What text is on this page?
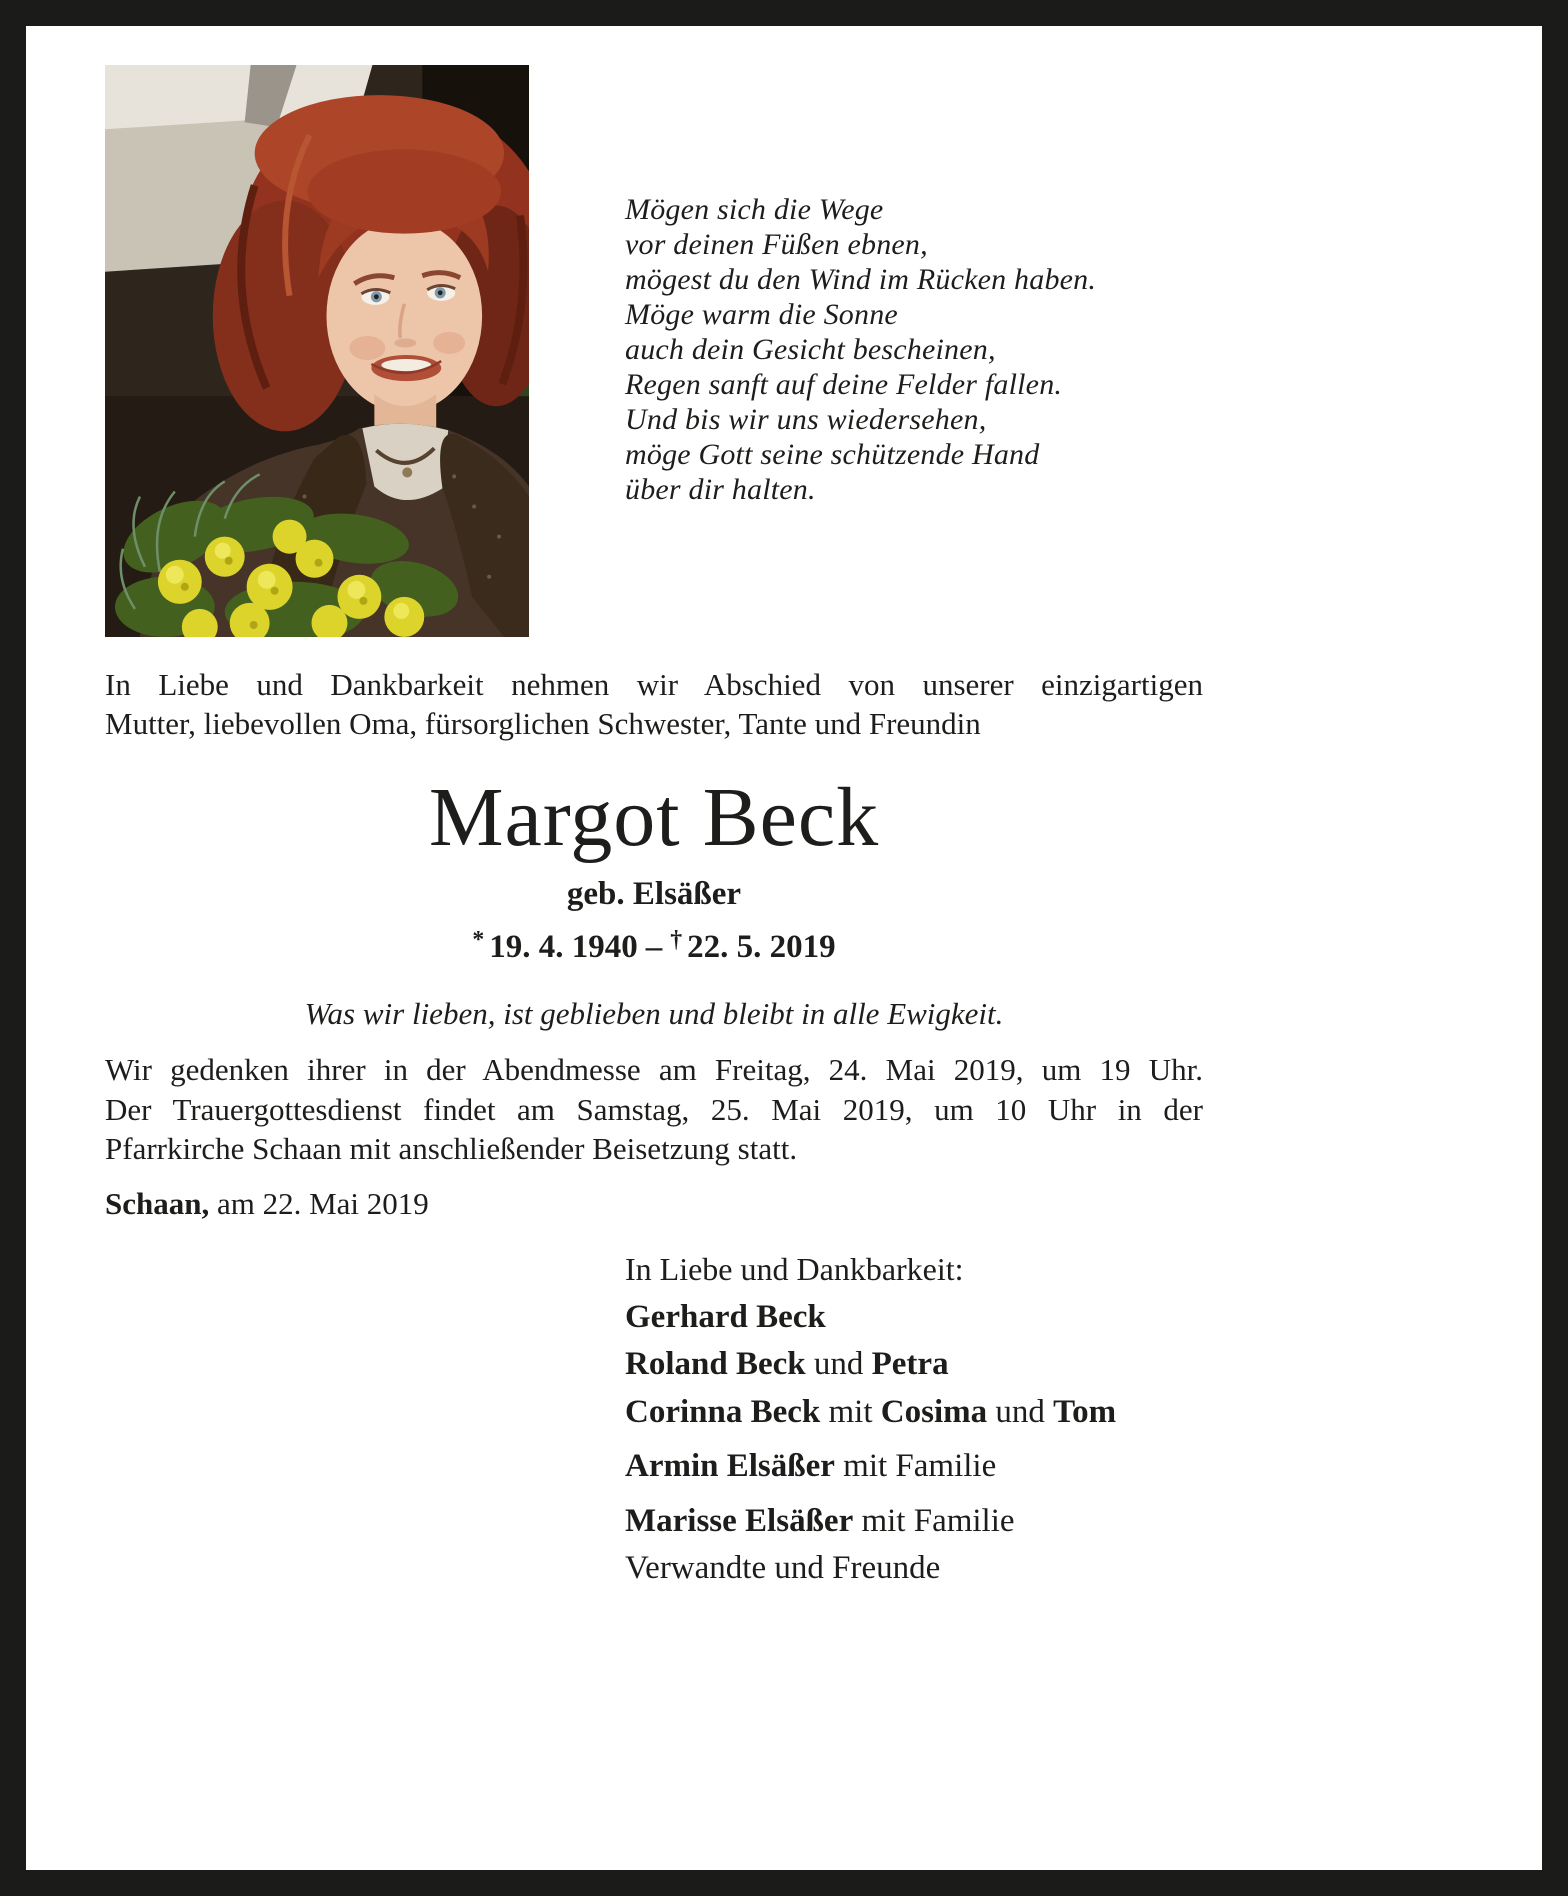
Mögen sich die Wege
vor deinen Füßen ebnen,
mögest du den Wind im Rücken haben.
Möge warm die Sonne
auch dein Gesicht bescheinen,
Regen sanft auf deine Felder fallen.
Und bis wir uns wiedersehen,
möge Gott seine schützende Hand
über dir halten.
In Liebe und Dankbarkeit nehmen wir Abschied von unserer einzigartigen
Mutter, liebevollen Oma, fürsorglichen Schwester, Tante und Freundin
Margot Beck
geb. Elsäßer
* 19. 4. 1940 – † 22. 5. 2019
Was wir lieben, ist geblieben und bleibt in alle Ewigkeit.
Wir gedenken ihrer in der Abendmesse am Freitag, 24. Mai 2019, um 19 Uhr.
Der Trauergottesdienst findet am Samstag, 25. Mai 2019, um 10 Uhr in der
Pfarrkirche Schaan mit anschließender Beisetzung statt.
Schaan, am 22. Mai 2019
In Liebe und Dankbarkeit:
Gerhard Beck
Roland Beck und Petra
Corinna Beck mit Cosima und Tom
Armin Elsäßer mit Familie
Marisse Elsäßer mit Familie
Verwandte und Freunde
